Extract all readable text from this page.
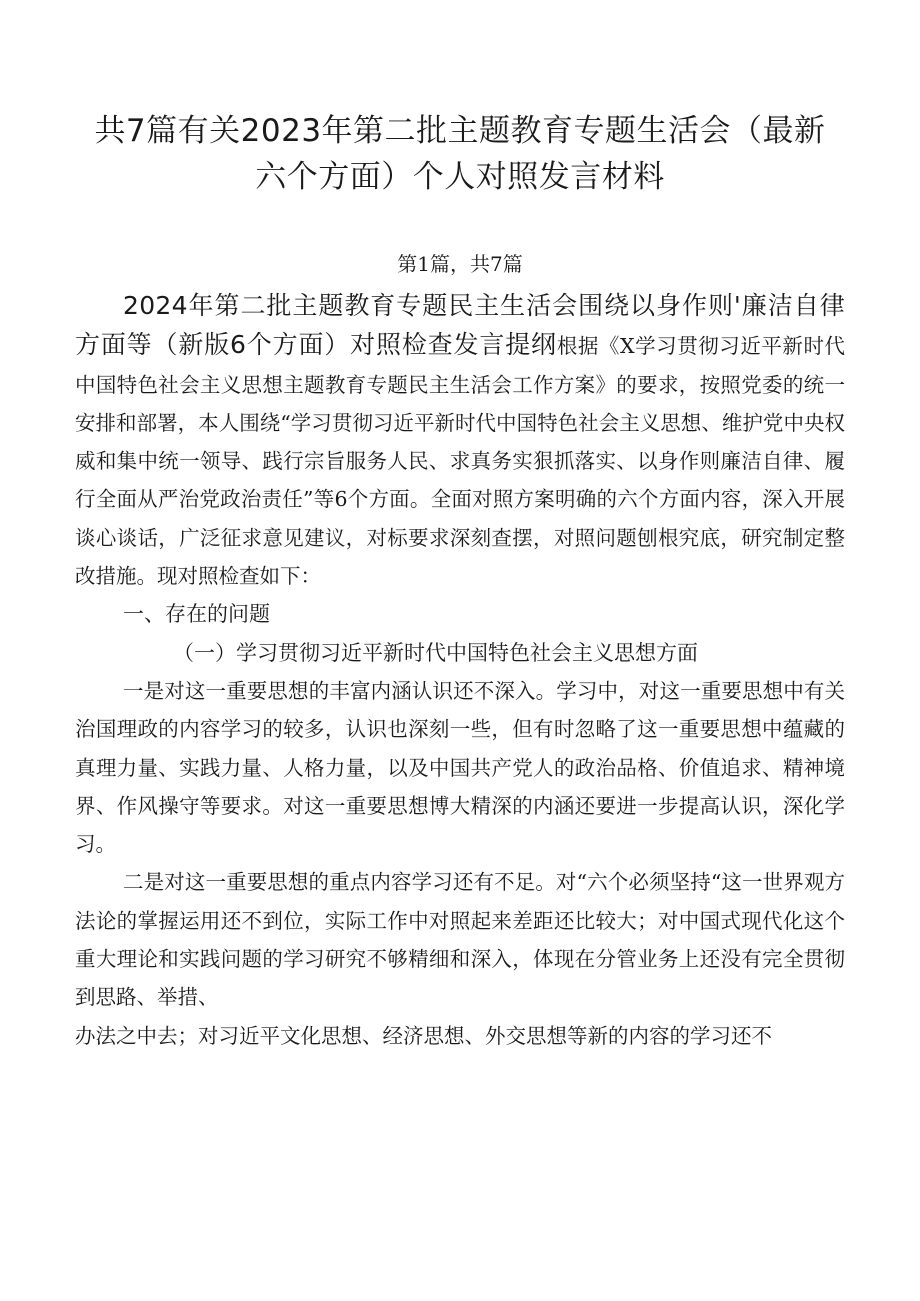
共7篇有关2023年第二批主题教育专题生活会（最新
六个方面）个人对照发言材料

第1篇，共7篇

2024年第二批主题教育专题民主生活会围绕以身作则'廉洁自律方面等（新版6个方面）对照检查发言提纲根据《X学习贯彻习近平新时代中国特色社会主义思想主题教育专题民主生活会工作方案》的要求，按照党委的统一安排和部署，本人围绕“学习贯彻习近平新时代中国特色社会主义思想、维护党中央权威和集中统一领导、践行宗旨服务人民、求真务实狠抓落实、以身作则廉洁自律、履行全面从严治党政治责任”等6个方面。全面对照方案明确的六个方面内容，深入开展谈心谈话，广泛征求意见建议，对标要求深刻查摆，对照问题刨根究底，研究制定整改措施。现对照检查如下：

一、存在的问题

（一）学习贯彻习近平新时代中国特色社会主义思想方面

一是对这一重要思想的丰富内涵认识还不深入。学习中，对这一重要思想中有关治国理政的内容学习的较多，认识也深刻一些，但有时忽略了这一重要思想中蕴藏的真理力量、实践力量、人格力量，以及中国共产党人的政治品格、价值追求、精神境界、作风操守等要求。对这一重要思想博大精深的内涵还要进一步提高认识，深化学习。

二是对这一重要思想的重点内容学习还有不足。对“六个必须坚持“这一世界观方法论的掌握运用还不到位，实际工作中对照起来差距还比较大；对中国式现代化这个重大理论和实践问题的学习研究不够精细和深入，体现在分管业务上还没有完全贯彻到思路、举措、

办法之中去；对习近平文化思想、经济思想、外交思想等新的内容的学习还不
